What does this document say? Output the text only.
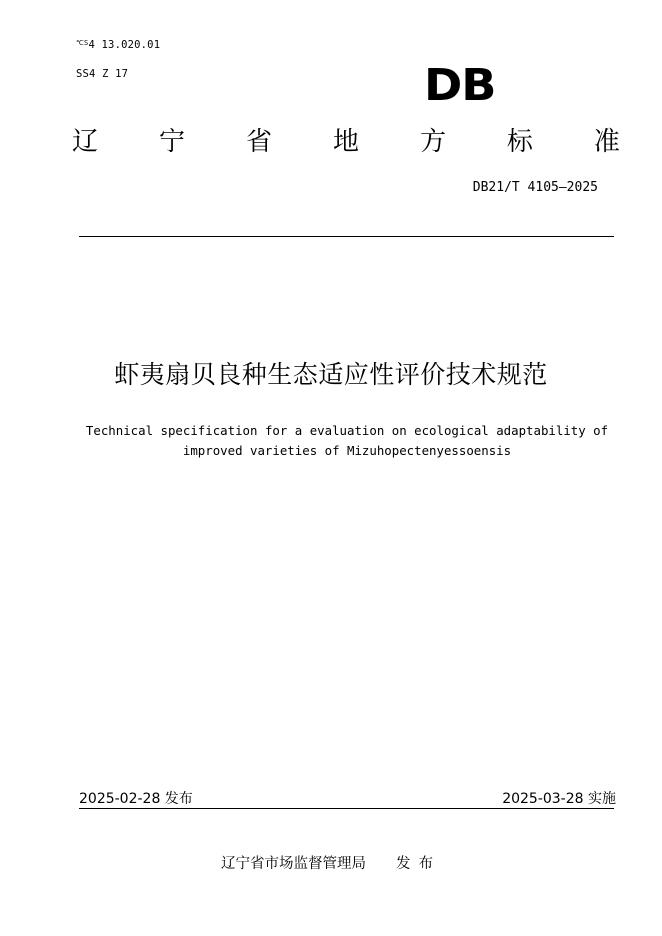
$^{℃S}$4 13.020.01
SS4 Z 17	DB
辽 宁 省 地 方 标 准
DB21/T 4105—2025
虾夷扇贝良种生态适应性评价技术规范
Technical specification for a evaluation on ecological adaptability of improved varieties of Mizuhopectenyessoensis
2025-02-28 发布	2025-03-28 实施
辽宁省市场监督管理局 发布
